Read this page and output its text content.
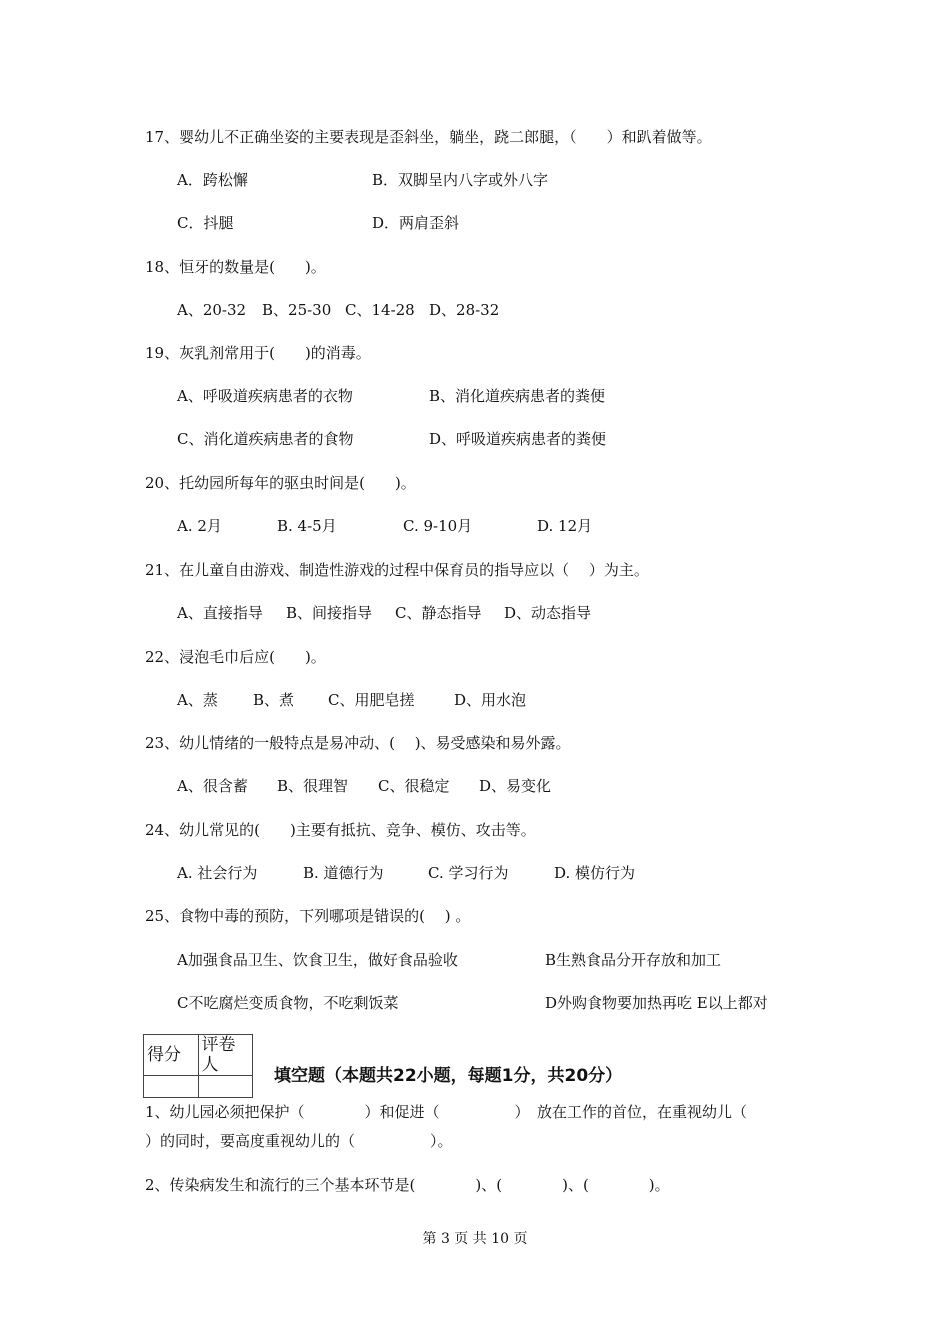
17、婴幼儿不正确坐姿的主要表现是歪斜坐，躺坐，跷二郎腿，（　　）和趴着做等。
A．跨松懈	B．双脚呈内八字或外八字
C．抖腿	D．两肩歪斜
18、恒牙的数量是(　　)。
A、20-32 B、25-30 C、14-28 D、28-32
19、灰乳剂常用于(　　)的消毒。
A、呼吸道疾病患者的衣物	B、消化道疾病患者的粪便
C、消化道疾病患者的食物	D、呼吸道疾病患者的粪便
20、托幼园所每年的驱虫时间是(　　)。
A. 2月	B. 4-5月	C. 9-10月	D. 12月
21、在儿童自由游戏、制造性游戏的过程中保育员的指导应以（　 ）为主。
A、直接指导 B、间接指导 C、静态指导 D、动态指导
22、浸泡毛巾后应(　　)。
A、蒸 B、煮 C、用肥皂搓	D、用水泡
23、幼儿情绪的一般特点是易冲动、(　 )、易受感染和易外露。
A、很含蓄 B、很理智 C、很稳定 D、易变化
24、幼儿常见的(　　)主要有抵抗、竞争、模仿、攻击等。
A. 社会行为	B. 道德行为	C. 学习行为	D. 模仿行为
25、食物中毒的预防，下列哪项是错误的(　 ) 。
A加强食品卫生、饮食卫生，做好食品验收	B生熟食品分开存放和加工
C不吃腐烂变质食物，不吃剩饭菜	D外购食物要加热再吃 E以上都对
得分	评卷人

填空题（本题共22小题，每题1分，共20分）
1、幼儿园必须把保护（　　　　）和促进（　　　　　）　放在工作的首位，在重视幼儿（
）的同时，要高度重视幼儿的（　　　　　）。
2、传染病发生和流行的三个基本环节是(　　　　)、(　　　　)、(　　　　)。
第 3 页 共 10 页
